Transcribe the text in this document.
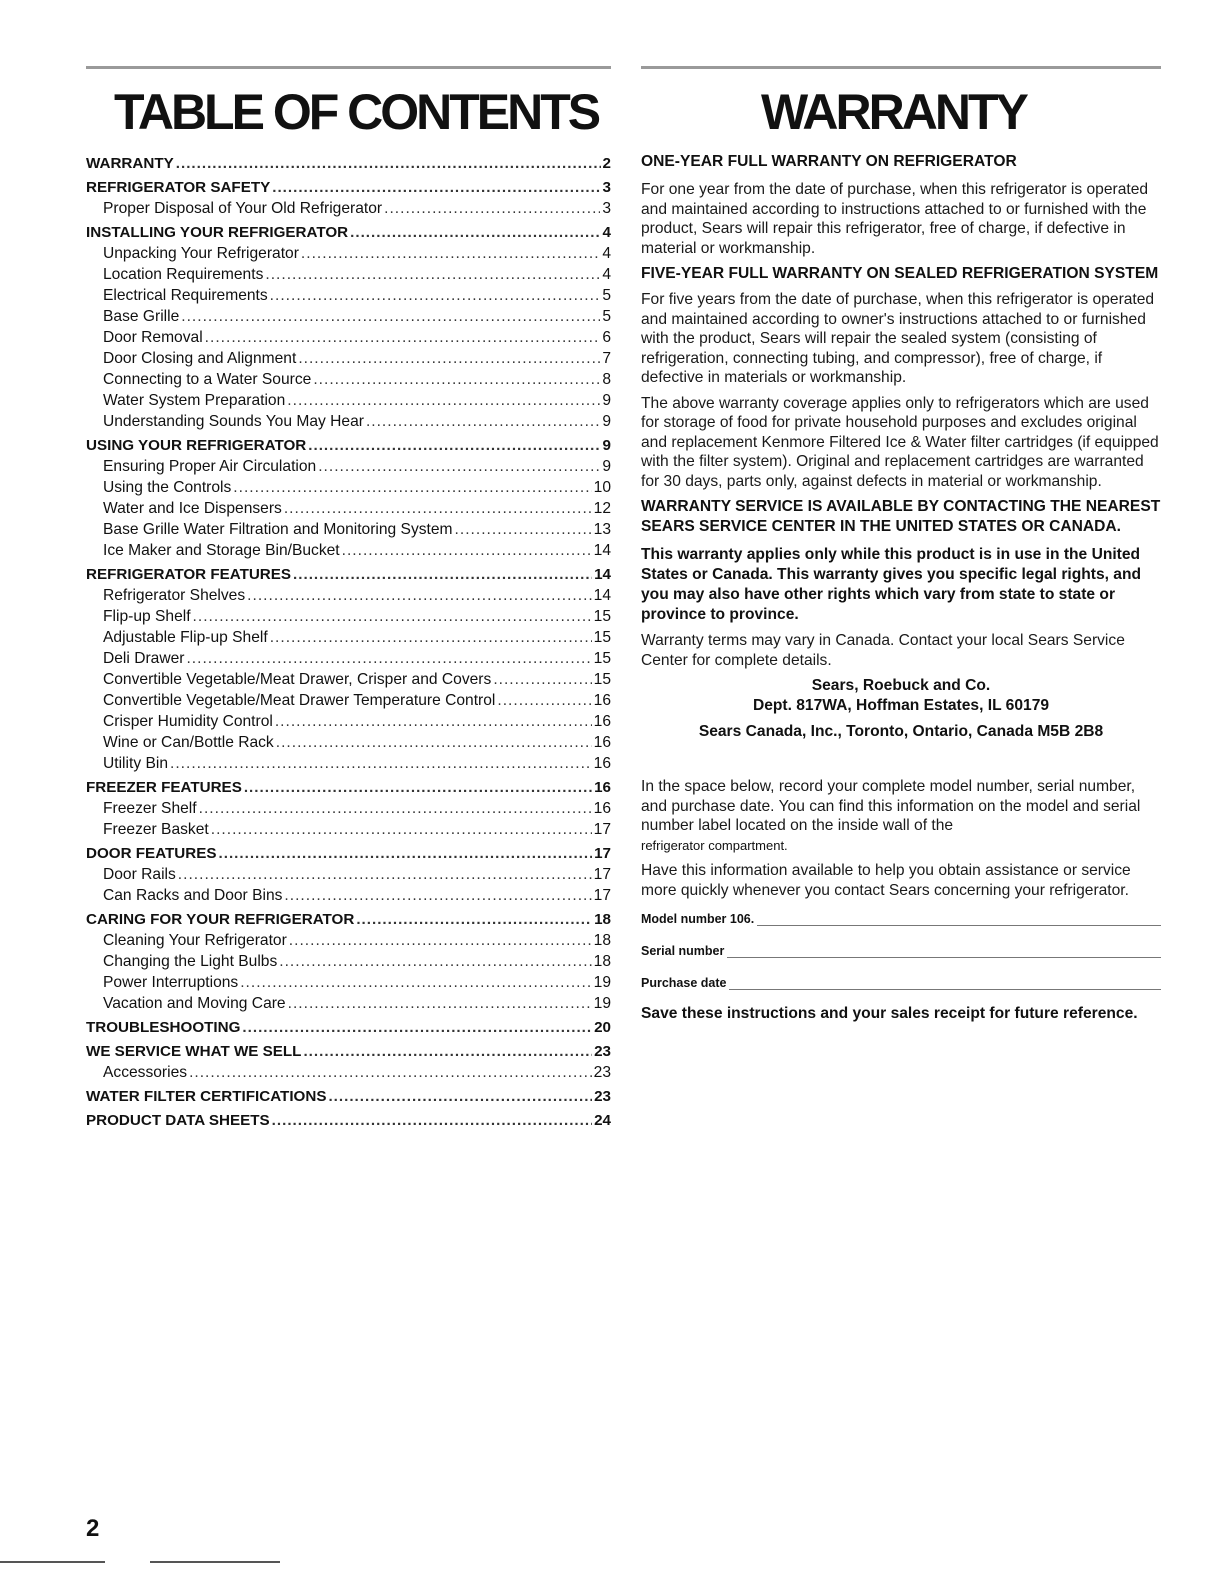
TABLE OF CONTENTS
WARRANTY .....	2
REFRIGERATOR SAFETY .....	3
Proper Disposal of Your Old Refrigerator .....	3
INSTALLING YOUR REFRIGERATOR .....	4
Unpacking Your Refrigerator .....	4
Location Requirements .....	4
Electrical Requirements .....	5
Base Grille .....	5
Door Removal .....	6
Door Closing and Alignment .....	7
Connecting to a Water Source .....	8
Water System Preparation .....	9
Understanding Sounds You May Hear .....	9
USING YOUR REFRIGERATOR .....	9
Ensuring Proper Air Circulation .....	9
Using the Controls .....	10
Water and Ice Dispensers .....	12
Base Grille Water Filtration and Monitoring System .....	13
Ice Maker and Storage Bin/Bucket .....	14
REFRIGERATOR FEATURES .....	14
Refrigerator Shelves .....	14
Flip-up Shelf .....	15
Adjustable Flip-up Shelf .....	15
Deli Drawer .....	15
Convertible Vegetable/Meat Drawer, Crisper and Covers .....	15
Convertible Vegetable/Meat Drawer Temperature Control .....	16
Crisper Humidity Control .....	16
Wine or Can/Bottle Rack .....	16
Utility Bin .....	16
FREEZER FEATURES .....	16
Freezer Shelf .....	16
Freezer Basket .....	17
DOOR FEATURES .....	17
Door Rails .....	17
Can Racks and Door Bins .....	17
CARING FOR YOUR REFRIGERATOR .....	18
Cleaning Your Refrigerator .....	18
Changing the Light Bulbs .....	18
Power Interruptions .....	19
Vacation and Moving Care .....	19
TROUBLESHOOTING .....	20
WE SERVICE WHAT WE SELL .....	23
Accessories .....	23
WATER FILTER CERTIFICATIONS .....	23
PRODUCT DATA SHEETS .....	24
WARRANTY

ONE-YEAR FULL WARRANTY ON REFRIGERATOR

For one year from the date of purchase, when this refrigerator is operated and maintained according to instructions attached to or furnished with the product, Sears will repair this refrigerator, free of charge, if defective in material or workmanship.

FIVE-YEAR FULL WARRANTY ON SEALED REFRIGERATION SYSTEM

For five years from the date of purchase, when this refrigerator is operated and maintained according to owner's instructions attached to or furnished with the product, Sears will repair the sealed system (consisting of refrigeration, connecting tubing, and compressor), free of charge, if defective in materials or workmanship.

The above warranty coverage applies only to refrigerators which are used for storage of food for private household purposes and excludes original and replacement Kenmore Filtered Ice & Water filter cartridges (if equipped with the filter system). Original and replacement cartridges are warranted for 30 days, parts only, against defects in material or workmanship.

WARRANTY SERVICE IS AVAILABLE BY CONTACTING THE NEAREST SEARS SERVICE CENTER IN THE UNITED STATES OR CANADA.

This warranty applies only while this product is in use in the United States or Canada. This warranty gives you specific legal rights, and you may also have other rights which vary from state to state or province to province.

Warranty terms may vary in Canada. Contact your local Sears Service Center for complete details.

Sears, Roebuck and Co.

Dept. 817WA, Hoffman Estates, IL 60179

Sears Canada, Inc., Toronto, Ontario, Canada M5B 2B8

In the space below, record your complete model number, serial number, and purchase date. You can find this information on the model and serial number label located on the inside wall of the

refrigerator compartment.

Have this information available to help you obtain assistance or service more quickly whenever you contact Sears concerning your refrigerator.

Model number 106.
Serial number
Purchase date

Save these instructions and your sales receipt for future reference.

2
